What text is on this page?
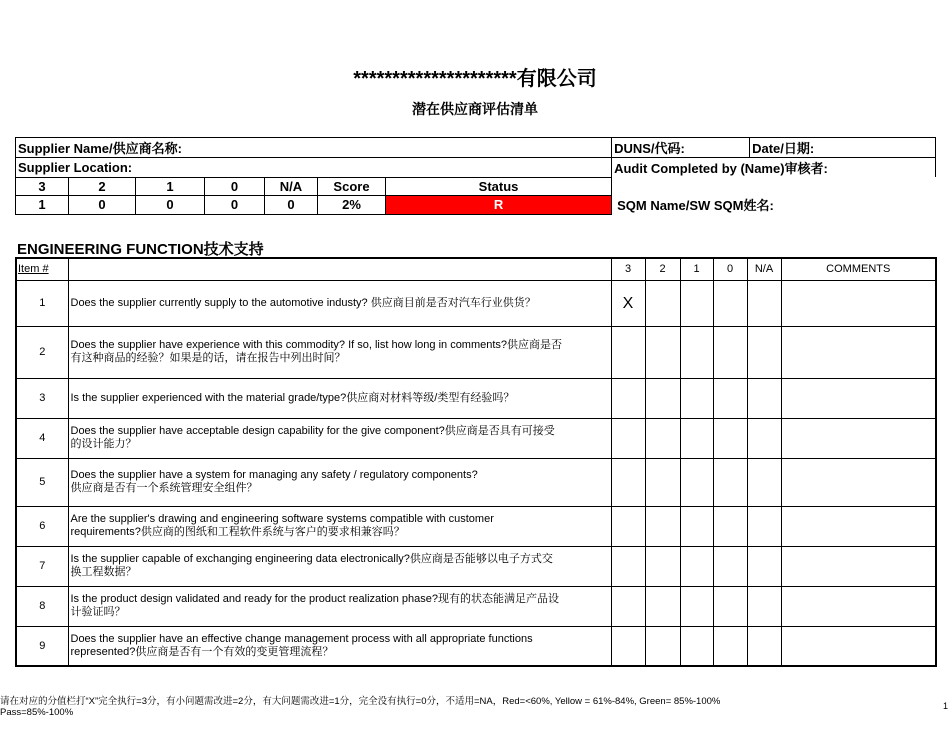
*********************有限公司
潜在供应商评估清单
Supplier Name/供应商名称:							DUNS/代码:	Date/日期:
Supplier Location:							Audit Completed by (Name)审核者:	
3	2	1	0	N/A	Score	Status		
1	0	0	0	0	2%	R	SQM Name/SW SQM姓名:	
ENGINEERING FUNCTION技术支持
Item #		3	2	1	0	N/A	COMMENTS
1	Does the supplier currently supply to the automotive industy? 供应商目前是否对汽车行业供货？	X					
2	Does the supplier have experience with this commodity? If so, list how long in comments?供应商是否
有这种商品的经验？如果是的话，请在报告中列出时间？						

3	Is the supplier experienced with the material grade/type?供应商对材料等级/类型有经验吗？						

4	Does the supplier have acceptable design capability for the give component?供应商是否具有可接受
的设计能力？						

5	Does the supplier have a system for managing any safety / regulatory components?
供应商是否有一个系统管理安全组件？						

6	Are the supplier's drawing and engineering software systems compatible with customer
requirements?供应商的图纸和工程软件系统与客户的要求相兼容吗？						

7	Is the supplier capable of exchanging engineering data electronically?供应商是否能够以电子方式交
换工程数据？						

8	Is the product design validated and ready for the product realization phase?现有的状态能满足产品设
计验证吗？						

9	Does the supplier have an effective change management process with all appropriate functions
represented?供应商是否有一个有效的变更管理流程？						

请在对应的分值栏打“X”完全执行=3分，有小问题需改进=2分，有大问题需改进=1分，完全没有执行=0分，不适用=NA，Red=<60%, Yellow = 61%-84%, Green= 85%-100%
Pass=85%-100%
1
